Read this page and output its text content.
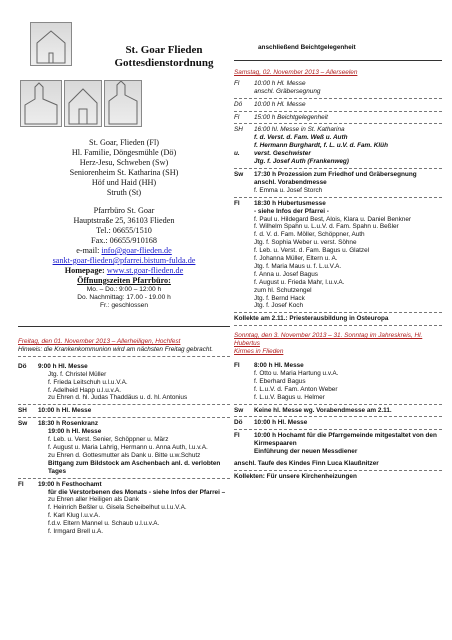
St. Goar Flieden
Gottesdienstordnung
St. Goar, Flieden (Fl)
Hl. Familie, Döngesmühle (Dö)
Herz-Jesu, Schweben (Sw)
Seniorenheim St. Katharina (SH)
Höf und Haid (HH)
Struth (St)
Pfarrbüro St. Goar
Hauptstraße 25, 36103 Flieden
Tel.: 06655/1510
Fax.: 06655/910168
e-mail: info@goar-flieden.de
sankt-goar-flieden@pfarrei.bistum-fulda.de
Homepage: www.st.goar-flieden.de
Öffnungszeiten Pfarrbüro:
Mo. – Do.: 9:00 – 12:00 h
Do. Nachmittag: 17.00 - 19.00 h
Fr.: geschlossen
Freitag, den 01. November 2013 – Allerheiligen, Hochfest
Hinweis: die Krankenkommunion wird am nächsten Freitag gebracht.
Dö	9:00 h Hl. Messe
Jtg. f. Christel Müller
f. Frieda Leitschuh u.l.u.V.A.
f. Adelheid Happ u.l.u.v.A.
zu Ehren d. hl. Judas Thaddäus u. d. hl. Antonius
SH	10:00 h Hl. Messe
Sw	18:30 h Rosenkranz
19:00 h Hl. Messe
f. Leb. u. Verst. Senier, Schöppner u. März
f. August u. Maria Lahrig, Hermann u. Anna Auth, l.u.v.A.
zu Ehren d. Gottesmutter als Dank u. Bitte u.w.Schutz
Bittgang zum Bildstock am Aschenbach anl. d. verlobten Tages
Fl	19:00 h Festhochamt
für die Verstorbenen des Monats - siehe Infos der Pfarrei –
zu Ehren aller Heiligen als Dank
f. Heinrich Beßler u. Gisela Scheibelhut u.l.u.V.A.
f. Karl Klug l.u.v.A.
f.d.v. Eltern Mannel u. Schaub u.l.u.v.A.
f. Irmgard Brell u.A.
anschließend Beichtgelegenheit
Samstag, 02. November 2013 – Allerseelen
Fl	10:00 h Hl. Messe
anschl. Gräbersegnung
Dö	10:00 h Hl. Messe
Fl	15:00 h Beichtgelegenheit
SH	16:00 hl. Messe in St. Katharina
f. d. Verst. d. Fam. Weß u. Auth
f. Hermann Burghardt, f. L. u.V. d. Fam. Klüh
u.	verst. Geschwister
Jtg. f. Josef Auth (Frankenweg)
Sw	17:30 h Prozession zum Friedhof und Gräbersegnung
anschl. Vorabendmesse
f. Emma u. Josef Storch
Fl	18:30 h Hubertusmesse
- siehe Infos der Pfarrei -
f. Paul u. Hildegard Best, Alois, Klara u. Daniel Benkner
f. Wilhelm Spahn u. L.u.V. d. Fam. Spahn u. Beßler
f. d. V. d. Fam. Möller, Schöppner, Auth
Jtg. f. Sophia Weber u. verst. Söhne
f. Leb. u. Verst. d. Fam. Bagus u. Glatzel
f. Johanna Müller, Eltern u. A.
Jtg. f. Maria Maus u. f. L.u.V.A.
f. Anna u. Josef Bagus
f. August u. Frieda Mahr, l.u.v.A.
zum hl. Schutzengel
Jtg. f. Bernd Hack
Jtg. f. Josef Koch
Kollekte am 2.11.: Priesterausbildung in Osteuropa
Sonntag, den 3. November 2013 – 31. Sonntag im Jahreskreis, Hl. Hubertus
Kirmes in Flieden
Fl	8:00 h Hl. Messe
f. Otto u. Maria Hartung u.v.A.
f. Eberhard Bagus
f. L.u.V. d. Fam. Anton Weber
f. L.u.V. Bagus u. Helmer
Sw	Keine hl. Messe wg. Vorabendmesse am 2.11.
Dö	10:00 h Hl. Messe
Fl	10:00 h Hochamt für die Pfarrgemeinde mitgestaltet von den Kirmespaaren
Einführung der neuen Messdiener
anschl. Taufe des Kindes Finn Luca Klaußnitzer
Kollekten: Für unsere Kirchenheizungen
